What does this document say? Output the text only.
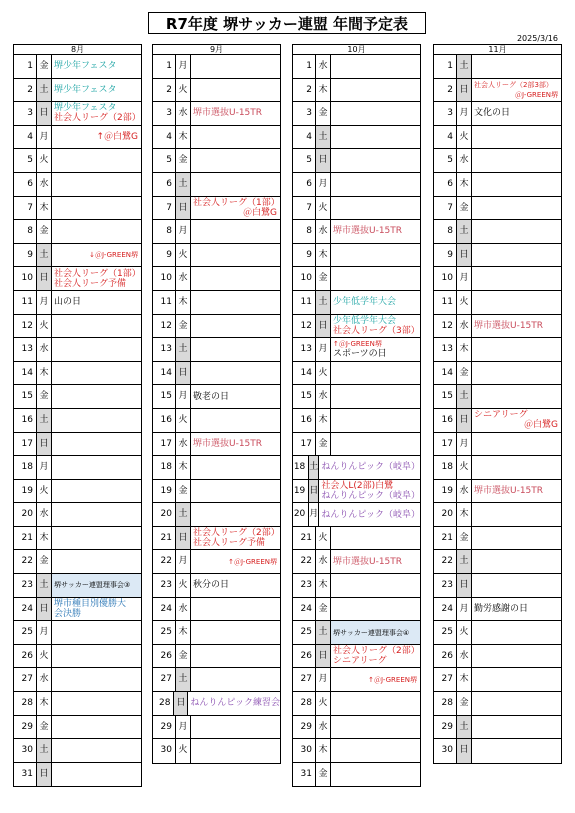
R7年度 堺サッカー連盟 年間予定表
2025/3/16
8月
1 金 堺少年フェスタ
2 土 堺少年フェスタ
3 日 堺少年フェスタ
社会人リーグ（2部）
4 月	↑＠白鷺G
5 火
6 水
7 木
8 金
9 土	↓＠J-GREEN堺
10 日 社会人リーグ（1部）
社会人リーグ予備
11 月 山の日
12 火
13 水
14 木
15 金
16 土
17 日
18 月
19 火
20 水
21 木
22 金
23 土 堺サッカー連盟理事会③
24 日 堺市種目別優勝大
会決勝
25 月
26 火
27 水
28 木
29 金
30 土
31 日
9月
1 月
2 火
3 水 堺市選抜U-15TR
4 木
5 金
6 土
7 日 社会人リーグ（1部）
＠白鷺G
8 月
9 火
10 水
11 木
12 金
13 土
14 日
15 月 敬老の日
16 火
17 水 堺市選抜U-15TR
18 木
19 金
20 土
21 日 社会人リーグ（2部）
社会人リーグ予備
22 月	↑＠J-GREEN堺
23 火 秋分の日
24 水
25 木
26 金
27 土
28 日 ねんりんピック練習会
29 月
30 火
10月
1 水
2 木
3 金
4 土
5 日
6 月
7 火
8 水 堺市選抜U-15TR
9 木
10 金
11 土 少年低学年大会
12 日 少年低学年大会
社会人リーグ（3部）
13 月 ↑＠J-GREEN堺
スポーツの日
14 火
15 水
16 木
17 金
18 土 ねんりんピック（岐阜）
19 日 社会人L(2部)白鷺
ねんりんピック（岐阜）
20 月 ねんりんピック（岐阜）
21 火
22 水 堺市選抜U-15TR
23 木
24 金
25 土 堺サッカー連盟理事会④
26 日 社会人リーグ（2部）
シニアリーグ
27 月	↑＠J-GREEN堺
28 火
29 水
30 木
31 金
11月
1 土
2 日 社会人リーグ（2部3部）
＠J-GREEN堺
3 月 文化の日
4 火
5 水
6 木
7 金
8 土
9 日
10 月
11 火
12 水 堺市選抜U-15TR
13 木
14 金
15 土
16 日 シニアリーグ
＠白鷺G
17 月
18 火
19 水 堺市選抜U-15TR
20 木
21 金
22 土
23 日
24 月 勤労感謝の日
25 火
26 水
27 木
28 金
29 土
30 日
